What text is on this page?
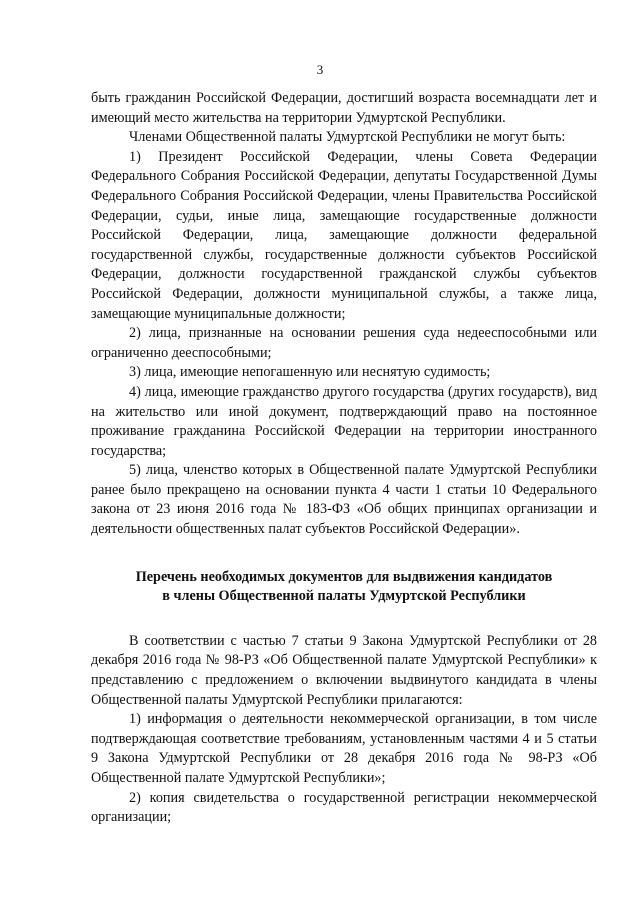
3

быть гражданин Российской Федерации, достигший возраста восемнадцати лет и имеющий место жительства на территории Удмуртской Республики.

Членами Общественной палаты Удмуртской Республики не могут быть:

1) Президент Российской Федерации, члены Совета Федерации Федерального Собрания Российской Федерации, депутаты Государственной Думы Федерального Собрания Российской Федерации, члены Правительства Российской Федерации, судьи, иные лица, замещающие государственные должности Российской Федерации, лица, замещающие должности федеральной государственной службы, государственные должности субъектов Российской Федерации, должности государственной гражданской службы субъектов Российской Федерации, должности муниципальной службы, а также лица, замещающие муниципальные должности;

2) лица, признанные на основании решения суда недееспособными или ограниченно дееспособными;

3) лица, имеющие непогашенную или неснятую судимость;

4) лица, имеющие гражданство другого государства (других государств), вид на жительство или иной документ, подтверждающий право на постоянное проживание гражданина Российской Федерации на территории иностранного государства;

5) лица, членство которых в Общественной палате Удмуртской Республики ранее было прекращено на основании пункта 4 части 1 статьи 10 Федерального закона от 23 июня 2016 года № 183-ФЗ «Об общих принципах организации и деятельности общественных палат субъектов Российской Федерации».

Перечень необходимых документов для выдвижения кандидатов
в члены Общественной палаты Удмуртской Республики

В соответствии с частью 7 статьи 9 Закона Удмуртской Республики от 28 декабря 2016 года № 98-РЗ «Об Общественной палате Удмуртской Республики» к представлению с предложением о включении выдвинутого кандидата в члены Общественной палаты Удмуртской Республики прилагаются:

1) информация о деятельности некоммерческой организации, в том числе подтверждающая соответствие требованиям, установленным частями 4 и 5 статьи 9 Закона Удмуртской Республики от 28 декабря 2016 года № 98-РЗ «Об Общественной палате Удмуртской Республики»;

2) копия свидетельства о государственной регистрации некоммерческой организации;
